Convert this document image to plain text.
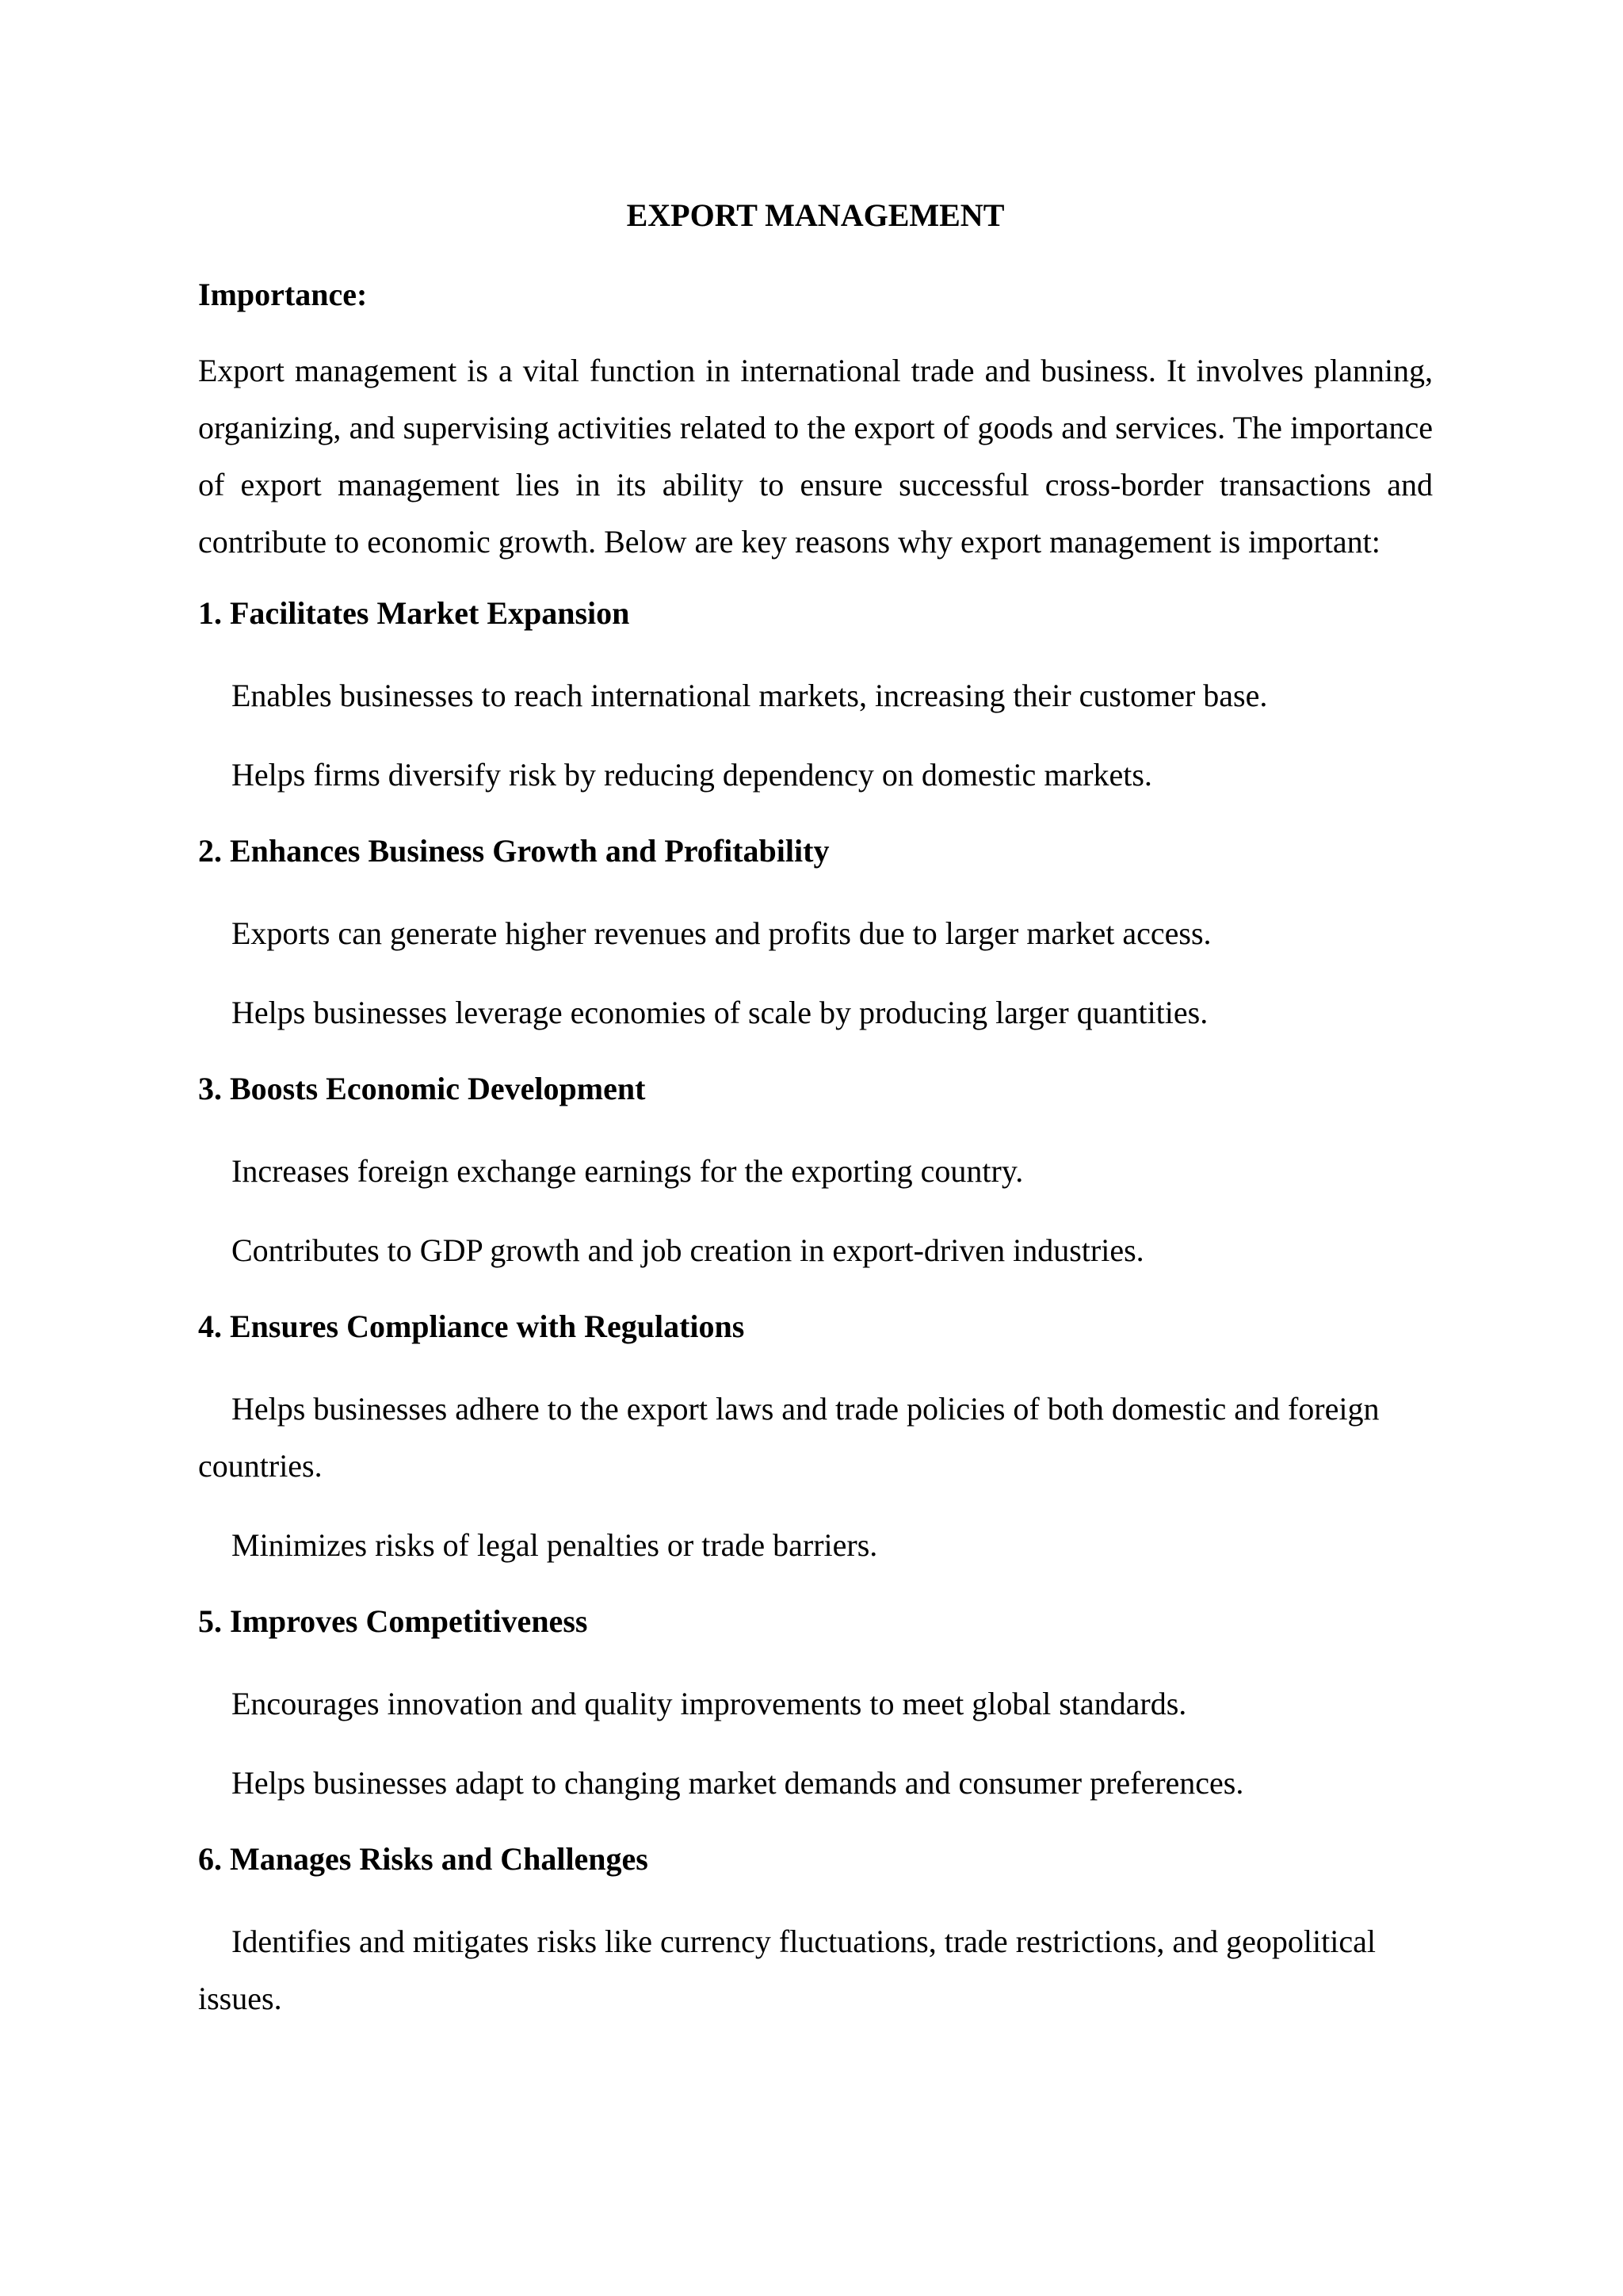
EXPORT MANAGEMENT
Importance:

Export management is a vital function in international trade and business. It involves planning, organizing, and supervising activities related to the export of goods and services. The importance of export management lies in its ability to ensure successful cross-border transactions and contribute to economic growth. Below are key reasons why export management is important:

1. Facilitates Market Expansion

Enables businesses to reach international markets, increasing their customer base.

Helps firms diversify risk by reducing dependency on domestic markets.

2. Enhances Business Growth and Profitability

Exports can generate higher revenues and profits due to larger market access.

Helps businesses leverage economies of scale by producing larger quantities.

3. Boosts Economic Development

Increases foreign exchange earnings for the exporting country.

Contributes to GDP growth and job creation in export-driven industries.

4. Ensures Compliance with Regulations

Helps businesses adhere to the export laws and trade policies of both domestic and foreign countries.

Minimizes risks of legal penalties or trade barriers.

5. Improves Competitiveness

Encourages innovation and quality improvements to meet global standards.

Helps businesses adapt to changing market demands and consumer preferences.

6. Manages Risks and Challenges

Identifies and mitigates risks like currency fluctuations, trade restrictions, and geopolitical issues.
